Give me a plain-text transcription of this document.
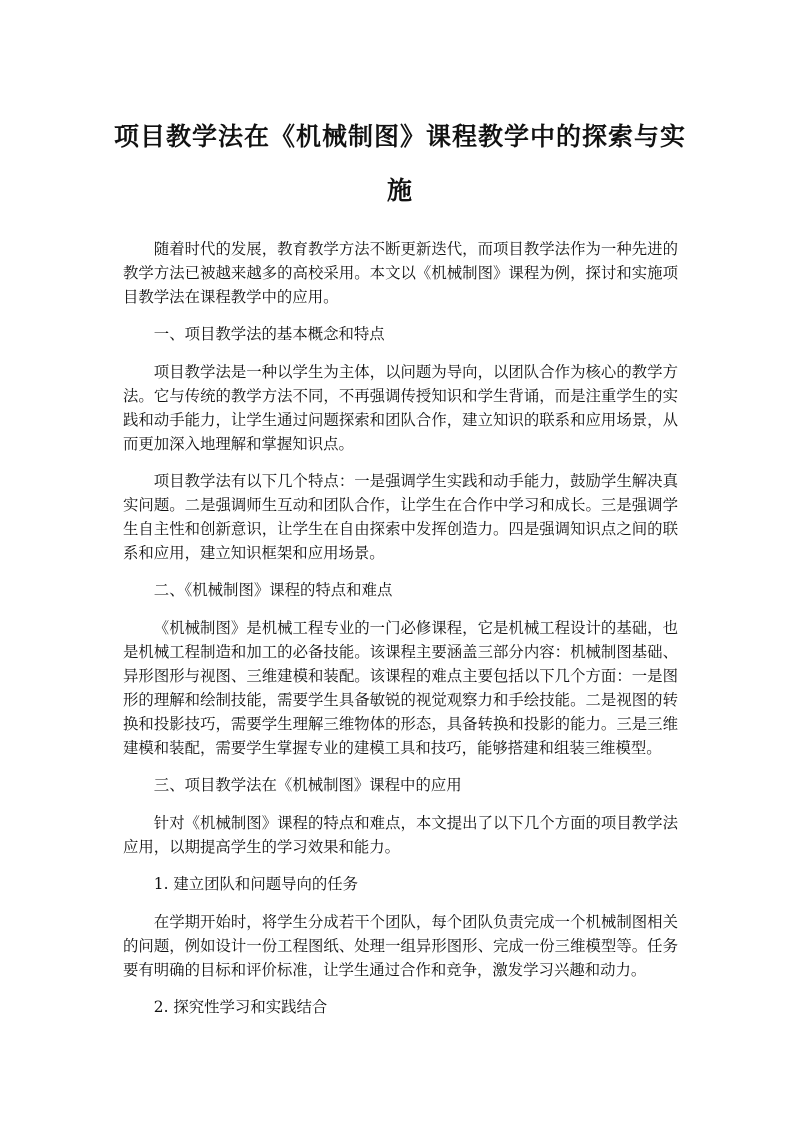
项目教学法在《机械制图》课程教学中的探索与实
施

随着时代的发展，教育教学方法不断更新迭代，而项目教学法作为一种先进的教学方法已被越来越多的高校采用。本文以《机械制图》课程为例，探讨和实施项目教学法在课程教学中的应用。

一、项目教学法的基本概念和特点

项目教学法是一种以学生为主体，以问题为导向，以团队合作为核心的教学方法。它与传统的教学方法不同，不再强调传授知识和学生背诵，而是注重学生的实践和动手能力，让学生通过问题探索和团队合作，建立知识的联系和应用场景，从而更加深入地理解和掌握知识点。

项目教学法有以下几个特点：一是强调学生实践和动手能力，鼓励学生解决真实问题。二是强调师生互动和团队合作，让学生在合作中学习和成长。三是强调学生自主性和创新意识，让学生在自由探索中发挥创造力。四是强调知识点之间的联系和应用，建立知识框架和应用场景。

二、《机械制图》课程的特点和难点

《机械制图》是机械工程专业的一门必修课程，它是机械工程设计的基础，也是机械工程制造和加工的必备技能。该课程主要涵盖三部分内容：机械制图基础、异形图形与视图、三维建模和装配。该课程的难点主要包括以下几个方面：一是图形的理解和绘制技能，需要学生具备敏锐的视觉观察力和手绘技能。二是视图的转换和投影技巧，需要学生理解三维物体的形态，具备转换和投影的能力。三是三维建模和装配，需要学生掌握专业的建模工具和技巧，能够搭建和组装三维模型。

三、项目教学法在《机械制图》课程中的应用

针对《机械制图》课程的特点和难点，本文提出了以下几个方面的项目教学法应用，以期提高学生的学习效果和能力。

1. 建立团队和问题导向的任务

在学期开始时，将学生分成若干个团队，每个团队负责完成一个机械制图相关的问题，例如设计一份工程图纸、处理一组异形图形、完成一份三维模型等。任务要有明确的目标和评价标准，让学生通过合作和竞争，激发学习兴趣和动力。

2. 探究性学习和实践结合
